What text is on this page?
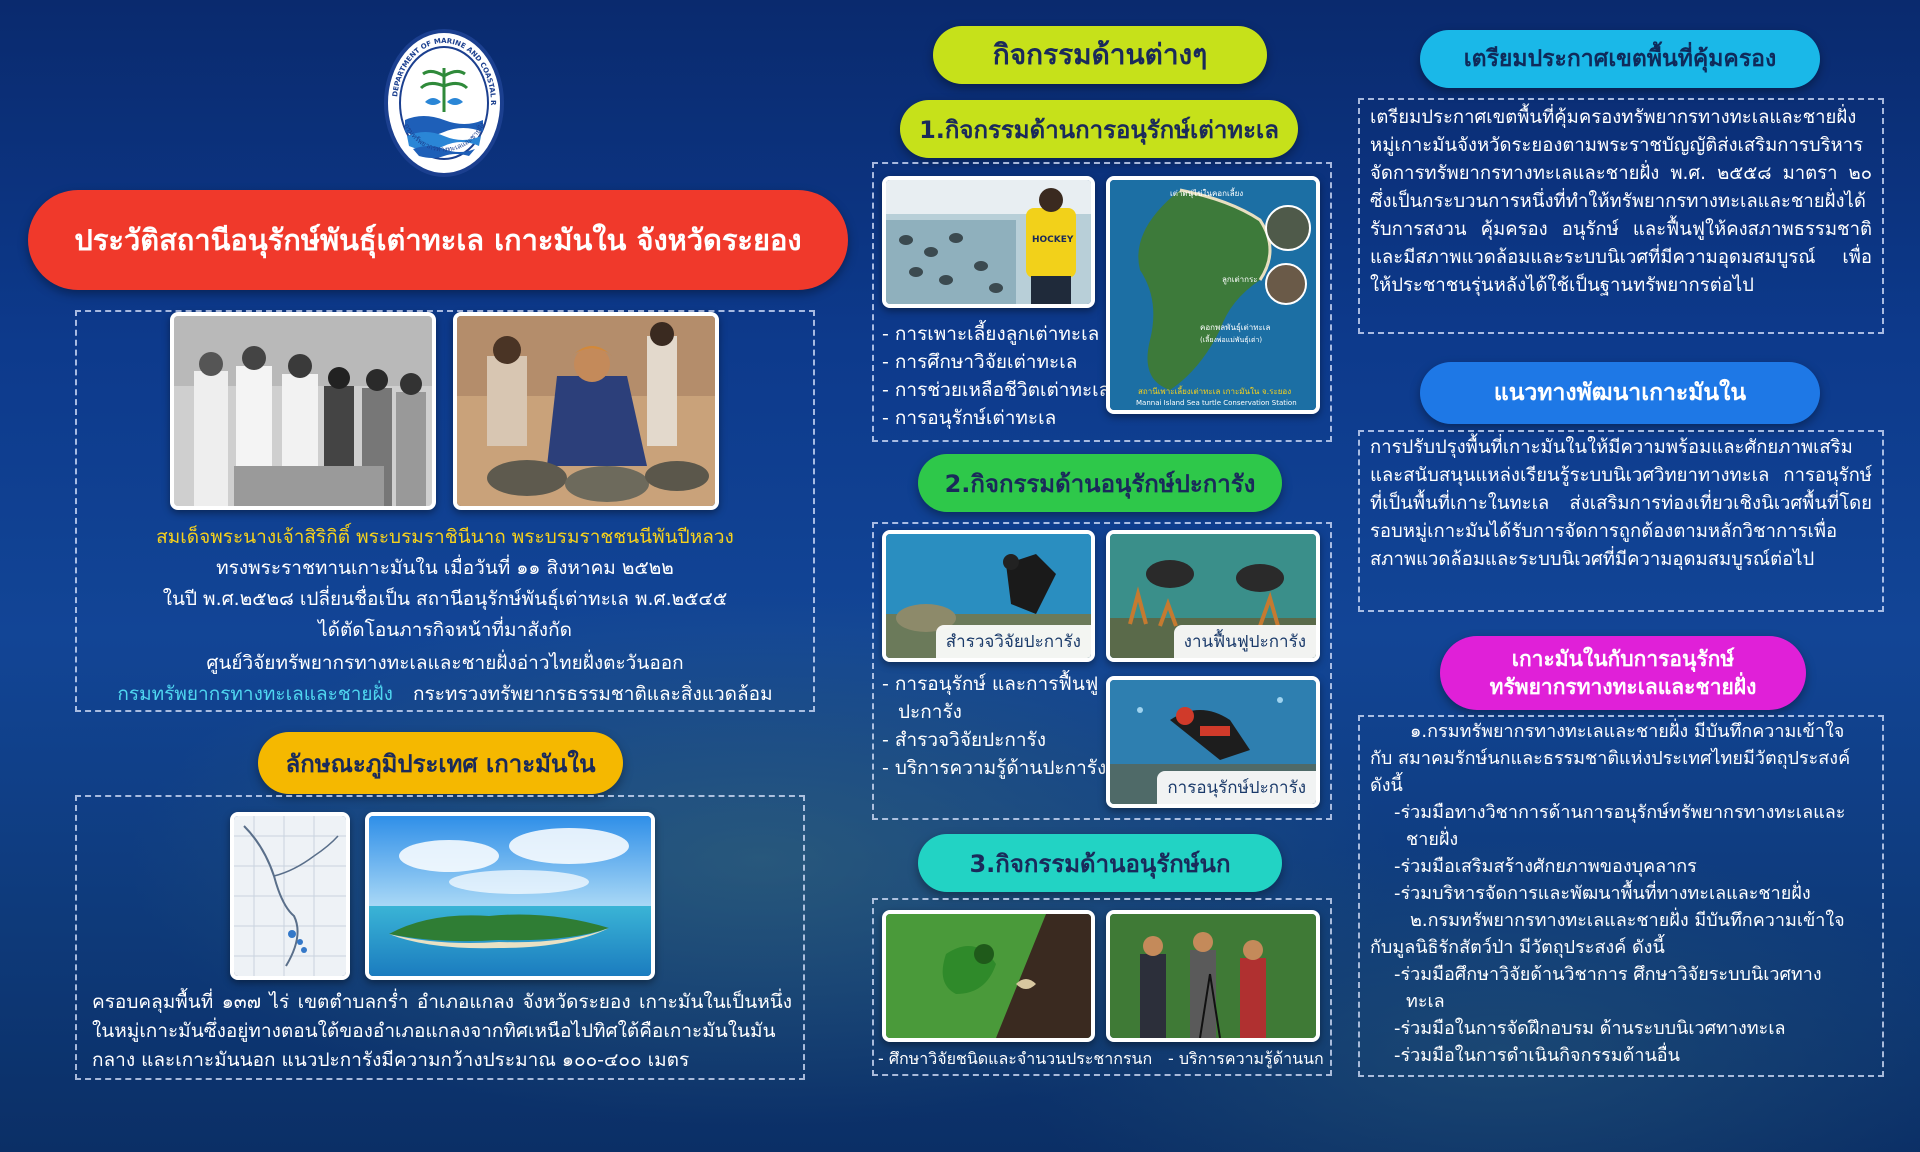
DEPARTMENT OF MARINE AND COASTAL R
กรมทรัพยากรทางทะเลและชายฝั่ง
ประวัติสถานีอนุรักษ์พันธุ์เต่าทะเล เกาะมันใน จังหวัดระยอง
สมเด็จพระนางเจ้าสิริกิติ์ พระบรมราชินีนาถ พระบรมราชชนนีพันปีหลวง
ทรงพระราชทานเกาะมันใน เมื่อวันที่ ๑๑ สิงหาคม ๒๕๒๒
ในปี พ.ศ.๒๕๒๘ เปลี่ยนชื่อเป็น สถานีอนุรักษ์พันธุ์เต่าทะเล พ.ศ.๒๕๔๕
ได้ตัดโอนภารกิจหน้าที่มาสังกัด
ศูนย์วิจัยทรัพยากรทางทะเลและชายฝั่งอ่าวไทยฝั่งตะวันออก
กรมทรัพยากรทางทะเลและชายฝั่ง กระทรวงทรัพยากรธรรมชาติและสิ่งแวดล้อม
ลักษณะภูมิประเทศ เกาะมันใน
ครอบคลุมพื้นที่ ๑๓๗ ไร่ เขตตำบลกร่ำ อำเภอแกลง จังหวัดระยอง เกาะมันในเป็นหนึ่งในหมู่เกาะมันซึ่งอยู่ทางตอนใต้ของอำเภอแกลงจากทิศเหนือไปทิศใต้คือเกาะมันในมันกลาง และเกาะมันนอก แนวปะการังมีความกว้างประมาณ ๑๐๐-๔๐๐ เมตร
กิจกรรมด้านต่างๆ
1.กิจกรรมด้านการอนุรักษ์เต่าทะเล
HOCKEY
- การเพาะเลี้ยงลูกเต่าทะเล
- การศึกษาวิจัยเต่าทะเล
- การช่วยเหลือชีวิตเต่าทะเล
- การอนุรักษ์เต่าทะเล
เต่าตนุ่ไข่ในคอกเลี้ยง
ลูกเต่ากระ
คอกพลพันธุ์เต่าทะเล
(เลี้ยงพ่อแม่พันธุ์เต่า)
สถานีเพาะเลี้ยงเต่าทะเล เกาะมันใน จ.ระยอง
Mannai Island Sea turtle Conservation Station
2.กิจกรรมด้านอนุรักษ์ปะการัง
สำรวจวิจัยปะการัง	งานฟื้นฟูปะการัง
- การอนุรักษ์ และการฟื้นฟู
ปะการัง
- สำรวจวิจัยปะการัง
- บริการความรู้ด้านปะการัง
การอนุรักษ์ปะการัง
3.กิจกรรมด้านอนุรักษ์นก
- ศึกษาวิจัยชนิดและจำนวนประชากรนก - บริการความรู้ด้านนก
เตรียมประกาศเขตพื้นที่คุ้มครอง
เตรียมประกาศเขตพื้นที่คุ้มครองทรัพยากรทางทะเลและชายฝั่งหมู่เกาะมันจังหวัดระยองตามพระราชบัญญัติส่งเสริมการบริหารจัดการทรัพยากรทางทะเลและชายฝั่ง พ.ศ. ๒๕๕๘ มาตรา ๒๐ ซึ่งเป็นกระบวนการหนึ่งที่ทำให้ทรัพยากรทางทะเลและชายฝั่งได้รับการสงวน คุ้มครอง อนุรักษ์ และฟื้นฟูให้คงสภาพธรรมชาติและมีสภาพแวดล้อมและระบบนิเวศที่มีความอุดมสมบูรณ์ เพื่อให้ประชาชนรุ่นหลังได้ใช้เป็นฐานทรัพยากรต่อไป
แนวทางพัฒนาเกาะมันใน
การปรับปรุงพื้นที่เกาะมันในให้มีความพร้อมและศักยภาพเสริมและสนับสนุนแหล่งเรียนรู้ระบบนิเวศวิทยาทางทะเล การอนุรักษ์ที่เป็นพื้นที่เกาะในทะเล ส่งเสริมการท่องเที่ยวเชิงนิเวศพื้นที่โดยรอบหมู่เกาะมันได้รับการจัดการถูกต้องตามหลักวิชาการเพื่อสภาพแวดล้อมและระบบนิเวศที่มีความอุดมสมบูรณ์ต่อไป
เกาะมันในกับการอนุรักษ์
ทรัพยากรทางทะเลและชายฝั่ง
๑.กรมทรัพยากรทางทะเลและชายฝั่ง มีบันทึกความเข้าใจ
กับ สมาคมรักษ์นกและธรรมชาติแห่งประเทศไทยมีวัตถุประสงค์
ดังนี้
-ร่วมมือทางวิชาการด้านการอนุรักษ์ทรัพยากรทางทะเลและ
ชายฝั่ง
-ร่วมมือเสริมสร้างศักยภาพของบุคลากร
-ร่วมบริหารจัดการและพัฒนาพื้นที่ทางทะเลและชายฝั่ง
๒.กรมทรัพยากรทางทะเลและชายฝั่ง มีบันทึกความเข้าใจ
กับมูลนิธิรักสัตว์ป่า มีวัตถุประสงค์ ดังนี้
-ร่วมมือศึกษาวิจัยด้านวิชาการ ศึกษาวิจัยระบบนิเวศทาง
ทะเล
-ร่วมมือในการจัดฝึกอบรม ด้านระบบนิเวศทางทะเล
-ร่วมมือในการดำเนินกิจกรรมด้านอื่น
